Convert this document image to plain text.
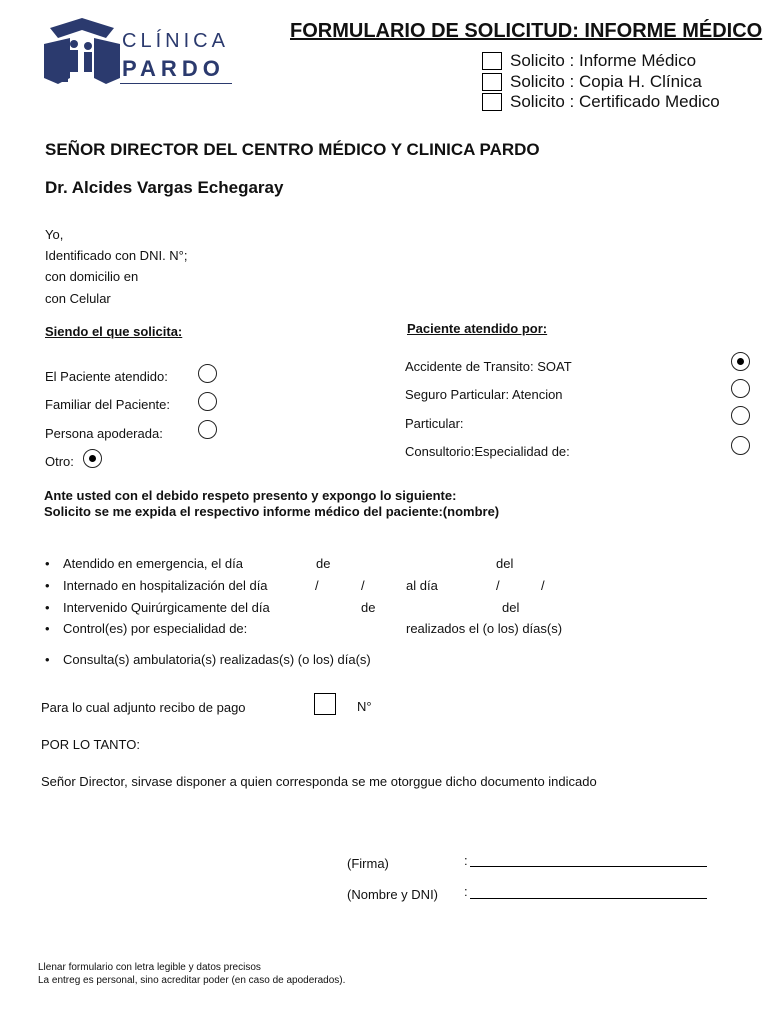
CLÍNICA
PARDO
FORMULARIO DE SOLICITUD: INFORME MÉDICO
Solicito : Informe Médico
Solicito : Copia H. Clínica
Solicito : Certificado Medico
SEÑOR DIRECTOR DEL CENTRO MÉDICO Y CLINICA PARDO
Dr. Alcides Vargas Echegaray
Yo,
Identificado con DNI. N°;
con domicilio en
con Celular
Siendo el que solicita:
El Paciente atendido:
Familiar del Paciente:
Persona apoderada:
Otro:
Paciente atendido por:
Accidente de Transito: SOAT
Seguro Particular: Atencion
Particular:
Consultorio:Especialidad de:
Ante usted con el debido respeto presento y expongo lo siguiente:
Solicito se me expida el respectivo informe médico del paciente:(nombre)
• Atendido en emergencia, el día	de	del
• Internado en hospitalización del día	/	/	al día	/	/
• Intervenido Quirúrgicamente del día	de	del
• Control(es) por especialidad de:	realizados el (o los) días(s)
• Consulta(s) ambulatoria(s) realizadas(s) (o los) día(s)
Para lo cual adjunto recibo de pago	N°
POR LO TANTO:
Señor Director, sirvase disponer a quien corresponda se me otorggue dicho documento indicado
(Firma)	:
(Nombre y DNI) :
Llenar formulario con letra legible y datos precisos
La entreg es personal, sino acreditar poder (en caso de apoderados).
